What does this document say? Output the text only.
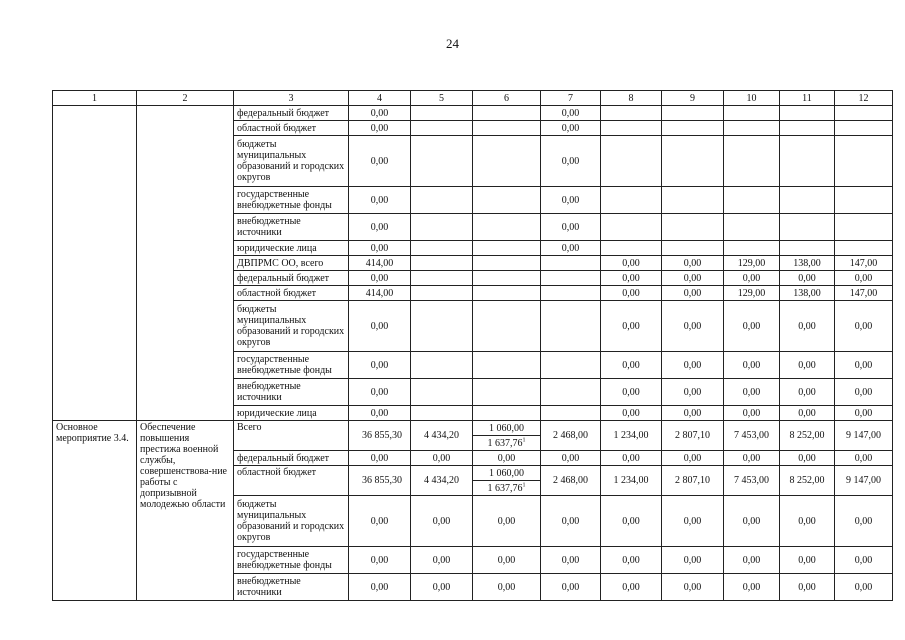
24
1	2	3	4	5	6	7	8	9	10	11	12
		федеральный бюджет	0,00			0,00					
		областной бюджет	0,00			0,00					
		бюджеты муниципальных образований и городских округов	0,00			0,00					
		государственные внебюджетные фонды	0,00			0,00					
		внебюджетные источники	0,00			0,00					
		юридические лица	0,00			0,00					
		ДВПРМС ОО, всего	414,00				0,00	0,00	129,00	138,00	147,00
		федеральный бюджет	0,00				0,00	0,00	0,00	0,00	0,00
		областной бюджет	414,00				0,00	0,00	129,00	138,00	147,00
		бюджеты муниципальных образований и городских округов	0,00				0,00	0,00	0,00	0,00	0,00
		государственные внебюджетные фонды	0,00				0,00	0,00	0,00	0,00	0,00
		внебюджетные источники	0,00				0,00	0,00	0,00	0,00	0,00
		юридические лица	0,00				0,00	0,00	0,00	0,00	0,00
Основное мероприятие 3.4.	Обеспечение повышения престижа военной службы, совершенствова-ние работы с допризывной молодежью области	Всего	36 855,30	4 434,20	1 060,00	2 468,00	1 234,00	2 807,10	7 453,00	8 252,00	9 147,00
					1 637,76$^1$
		федеральный бюджет	0,00	0,00	0,00	0,00	0,00	0,00	0,00	0,00	0,00
		областной бюджет	36 855,30	4 434,20	1 060,00	2 468,00	1 234,00	2 807,10	7 453,00	8 252,00	9 147,00
					1 637,76$^1$
		бюджеты муниципальных образований и городских округов	0,00	0,00	0,00	0,00	0,00	0,00	0,00	0,00	0,00
		государственные внебюджетные фонды	0,00	0,00	0,00	0,00	0,00	0,00	0,00	0,00	0,00
		внебюджетные источники	0,00	0,00	0,00	0,00	0,00	0,00	0,00	0,00	0,00
